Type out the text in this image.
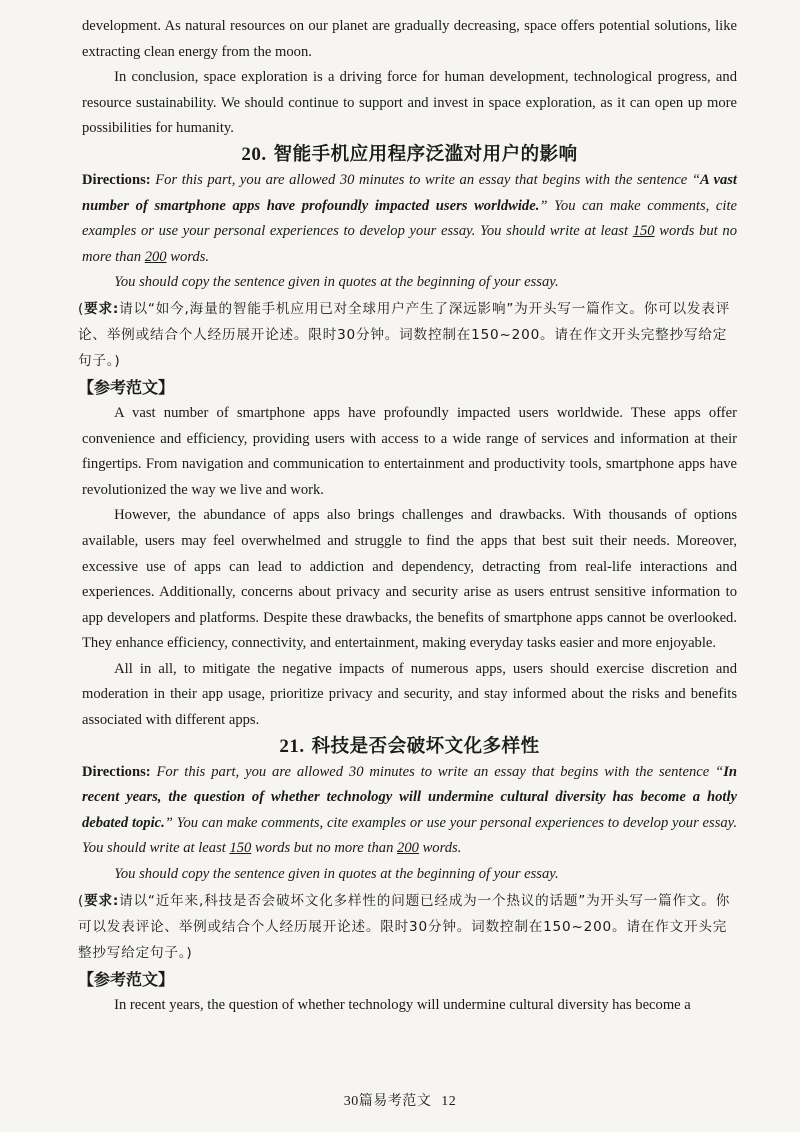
development. As natural resources on our planet are gradually decreasing, space offers potential solutions, like extracting clean energy from the moon.

In conclusion, space exploration is a driving force for human development, technological progress, and resource sustainability. We should continue to support and invest in space exploration, as it can open up more possibilities for humanity.

20. 智能手机应用程序泛滥对用户的影响

Directions: For this part, you are allowed 30 minutes to write an essay that begins with the sentence “A vast number of smartphone apps have profoundly impacted users worldwide.” You can make comments, cite examples or use your personal experiences to develop your essay. You should write at least 150 words but no more than 200 words.

You should copy the sentence given in quotes at the beginning of your essay.

(要求:请以“如今,海量的智能手机应用已对全球用户产生了深远影响”为开头写一篇作文。你可以发表评论、举例或结合个人经历展开论述。限时30分钟。词数控制在150~200。请在作文开头完整抄写给定句子。)

【参考范文】

A vast number of smartphone apps have profoundly impacted users worldwide. These apps offer convenience and efficiency, providing users with access to a wide range of services and information at their fingertips. From navigation and communication to entertainment and productivity tools, smartphone apps have revolutionized the way we live and work.

However, the abundance of apps also brings challenges and drawbacks. With thousands of options available, users may feel overwhelmed and struggle to find the apps that best suit their needs. Moreover, excessive use of apps can lead to addiction and dependency, detracting from real-life interactions and experiences. Additionally, concerns about privacy and security arise as users entrust sensitive information to app developers and platforms. Despite these drawbacks, the benefits of smartphone apps cannot be overlooked. They enhance efficiency, connectivity, and entertainment, making everyday tasks easier and more enjoyable.

All in all, to mitigate the negative impacts of numerous apps, users should exercise discretion and moderation in their app usage, prioritize privacy and security, and stay informed about the risks and benefits associated with different apps.

21. 科技是否会破坏文化多样性

Directions: For this part, you are allowed 30 minutes to write an essay that begins with the sentence “In recent years, the question of whether technology will undermine cultural diversity has become a hotly debated topic.” You can make comments, cite examples or use your personal experiences to develop your essay. You should write at least 150 words but no more than 200 words.

You should copy the sentence given in quotes at the beginning of your essay.

(要求:请以“近年来,科技是否会破坏文化多样性的问题已经成为一个热议的话题”为开头写一篇作文。你可以发表评论、举例或结合个人经历展开论述。限时30分钟。词数控制在150~200。请在作文开头完整抄写给定句子。)

【参考范文】

In recent years, the question of whether technology will undermine cultural diversity has become a

30篇易考范文 12
